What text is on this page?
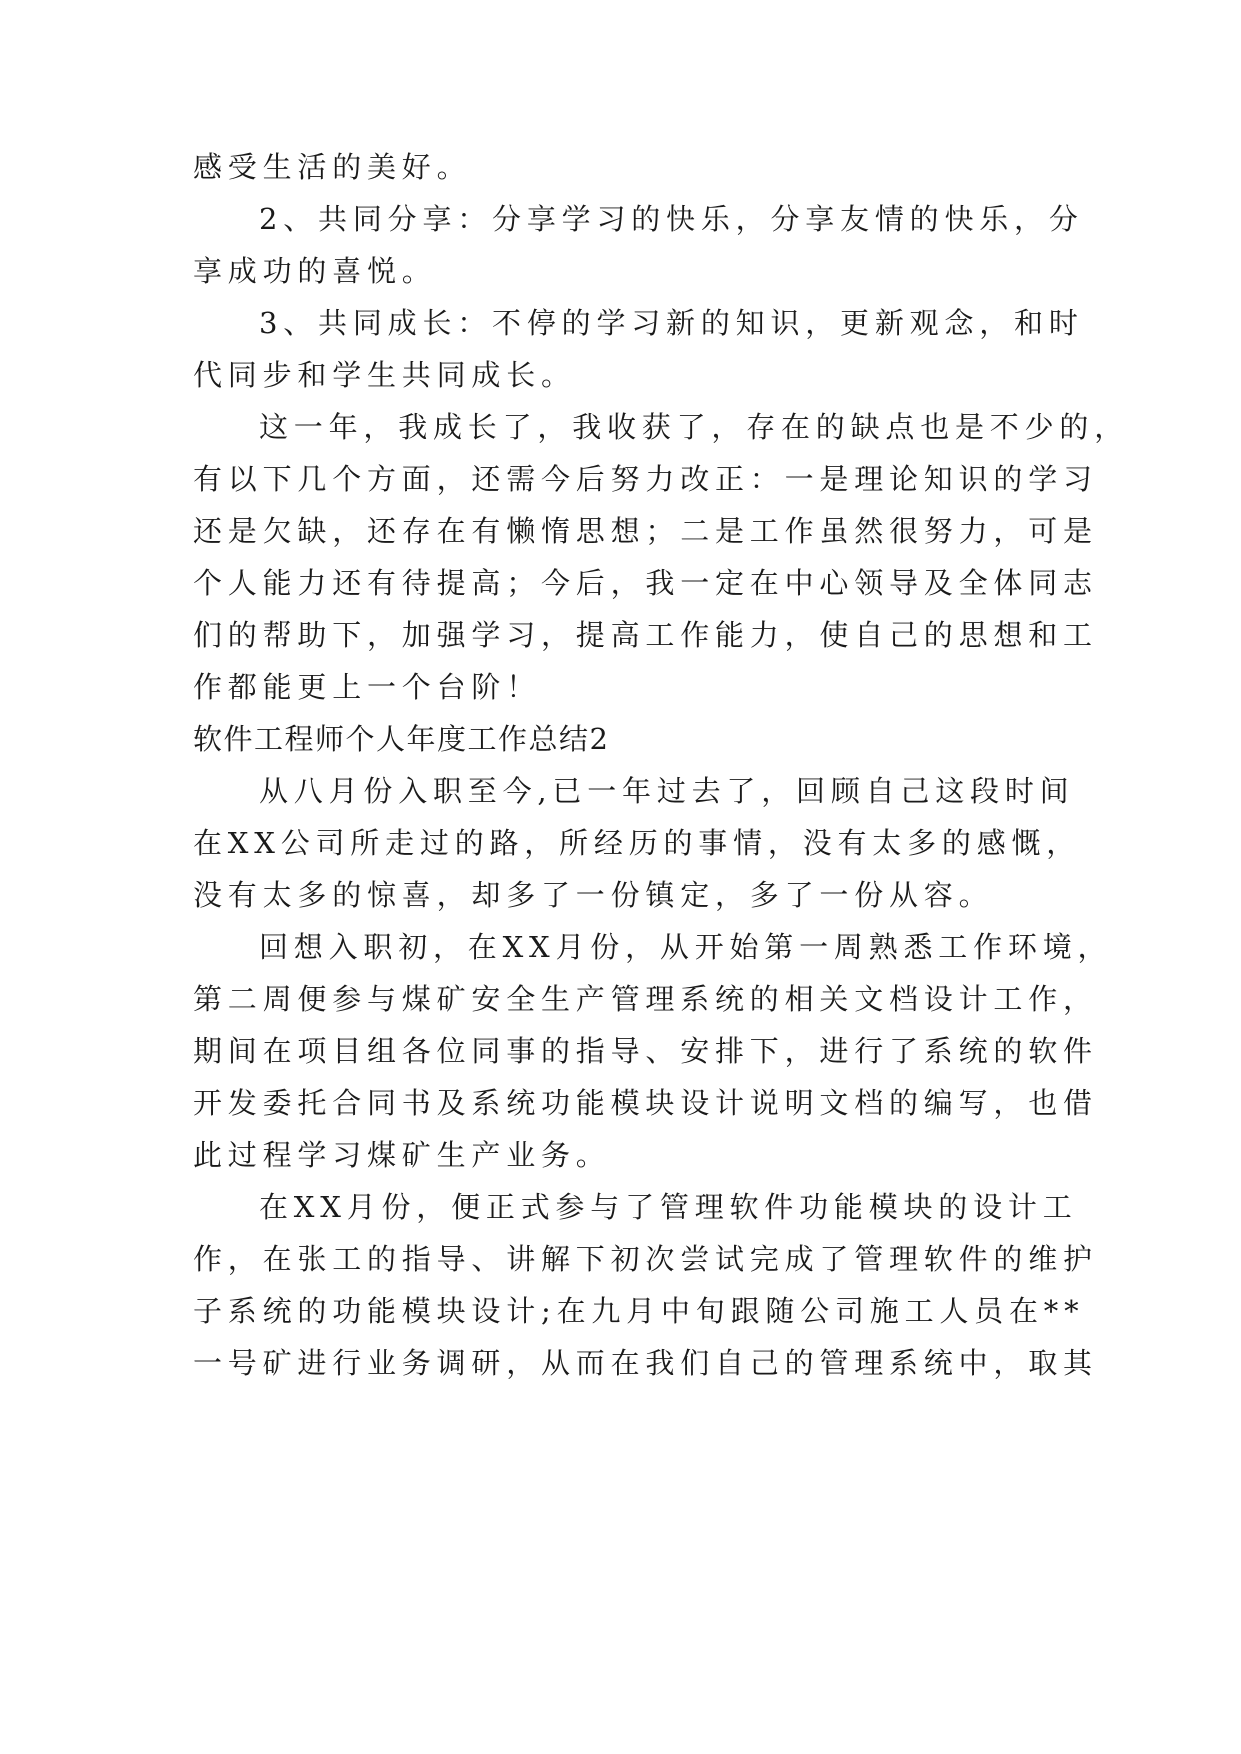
感受生活的美好。
2、共同分享：分享学习的快乐，分享友情的快乐，分
享成功的喜悦。
3、共同成长：不停的学习新的知识，更新观念，和时
代同步和学生共同成长。
这一年，我成长了，我收获了，存在的缺点也是不少的，
有以下几个方面，还需今后努力改正：一是理论知识的学习
还是欠缺，还存在有懒惰思想；二是工作虽然很努力，可是
个人能力还有待提高；今后，我一定在中心领导及全体同志
们的帮助下，加强学习，提高工作能力，使自己的思想和工
作都能更上一个台阶！
软件工程师个人年度工作总结2
从八月份入职至今,已一年过去了，回顾自己这段时间
在XX公司所走过的路，所经历的事情，没有太多的感慨，
没有太多的惊喜，却多了一份镇定，多了一份从容。
回想入职初，在XX月份，从开始第一周熟悉工作环境，
第二周便参与煤矿安全生产管理系统的相关文档设计工作，
期间在项目组各位同事的指导、安排下，进行了系统的软件
开发委托合同书及系统功能模块设计说明文档的编写，也借
此过程学习煤矿生产业务。
在XX月份，便正式参与了管理软件功能模块的设计工
作，在张工的指导、讲解下初次尝试完成了管理软件的维护
子系统的功能模块设计;在九月中旬跟随公司施工人员在**
一号矿进行业务调研，从而在我们自己的管理系统中，取其
